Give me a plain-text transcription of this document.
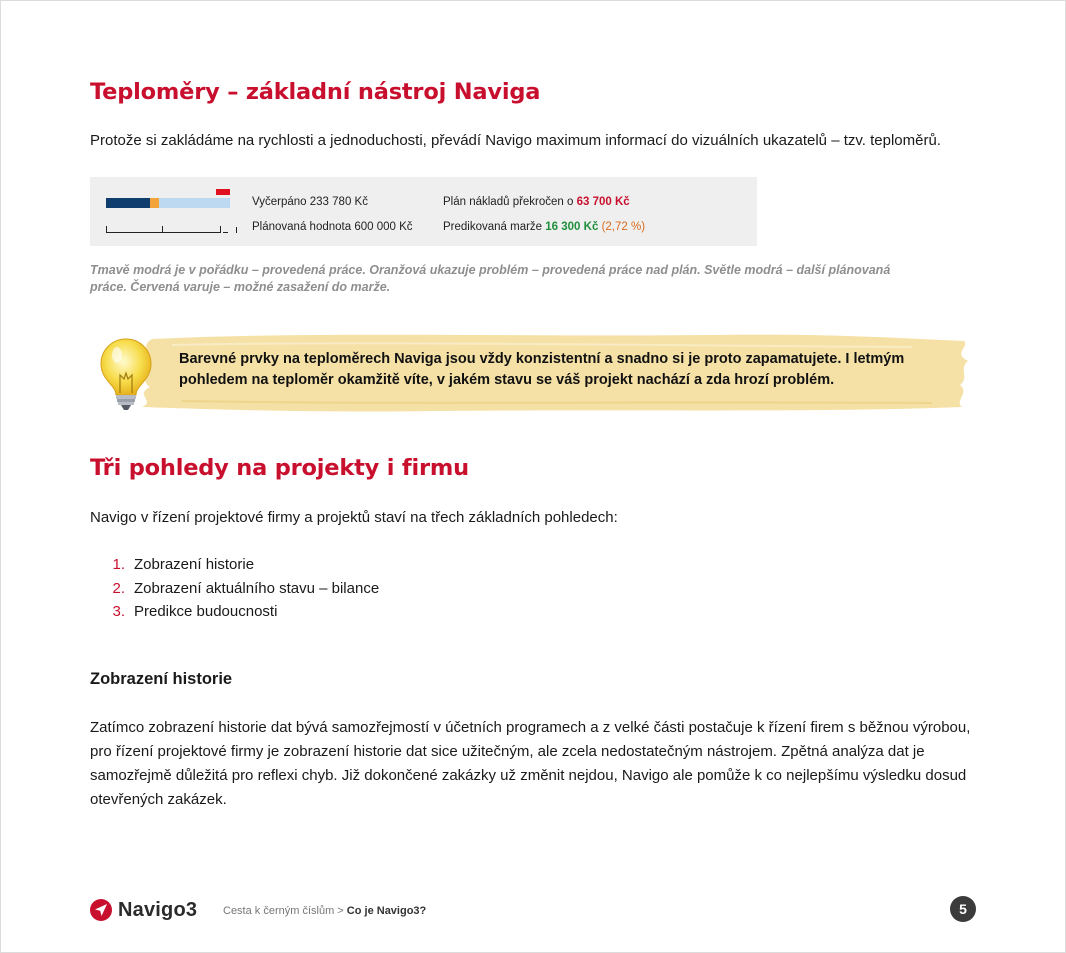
Teploměry – základní nástroj Naviga

Protože si zakládáme na rychlosti a jednoduchosti, převádí Navigo maximum informací do vizuálních ukazatelů – tzv. teploměrů.

Vyčerpáno 233 780 Kč
Plánovaná hodnota 600 000 Kč
Plán nákladů překročen o 63 700 Kč
Predikovaná marže 16 300 Kč (2,72 %)

Tmavě modrá je v pořádku – provedená práce. Oranžová ukazuje problém – provedená práce nad plán. Světle modrá – další plánovaná práce. Červená varuje – možné zasažení do marže.

Barevné prvky na teploměrech Naviga jsou vždy konzistentní a snadno si je proto zapamatujete. I letmým pohledem na teploměr okamžitě víte, v jakém stavu se váš projekt nachází a zda hrozí problém.

Tři pohledy na projekty i firmu

Navigo v řízení projektové firmy a projektů staví na třech základních pohledech:

1. Zobrazení historie
2. Zobrazení aktuálního stavu – bilance
3. Predikce budoucnosti
Zobrazení historie

Zatímco zobrazení historie dat bývá samozřejmostí v účetních programech a z velké části postačuje k řízení firem s běžnou výrobou, pro řízení projektové firmy je zobrazení historie dat sice užitečným, ale zcela nedostatečným nástrojem. Zpětná analýza dat je samozřejmě důležitá pro reflexi chyb. Již dokončené zakázky už změnit nejdou, Navigo ale pomůže k co nejlepšímu výsledku dosud otevřených zakázek.

Navigo3 Cesta k černým číslům > Co je Navigo3?	5
